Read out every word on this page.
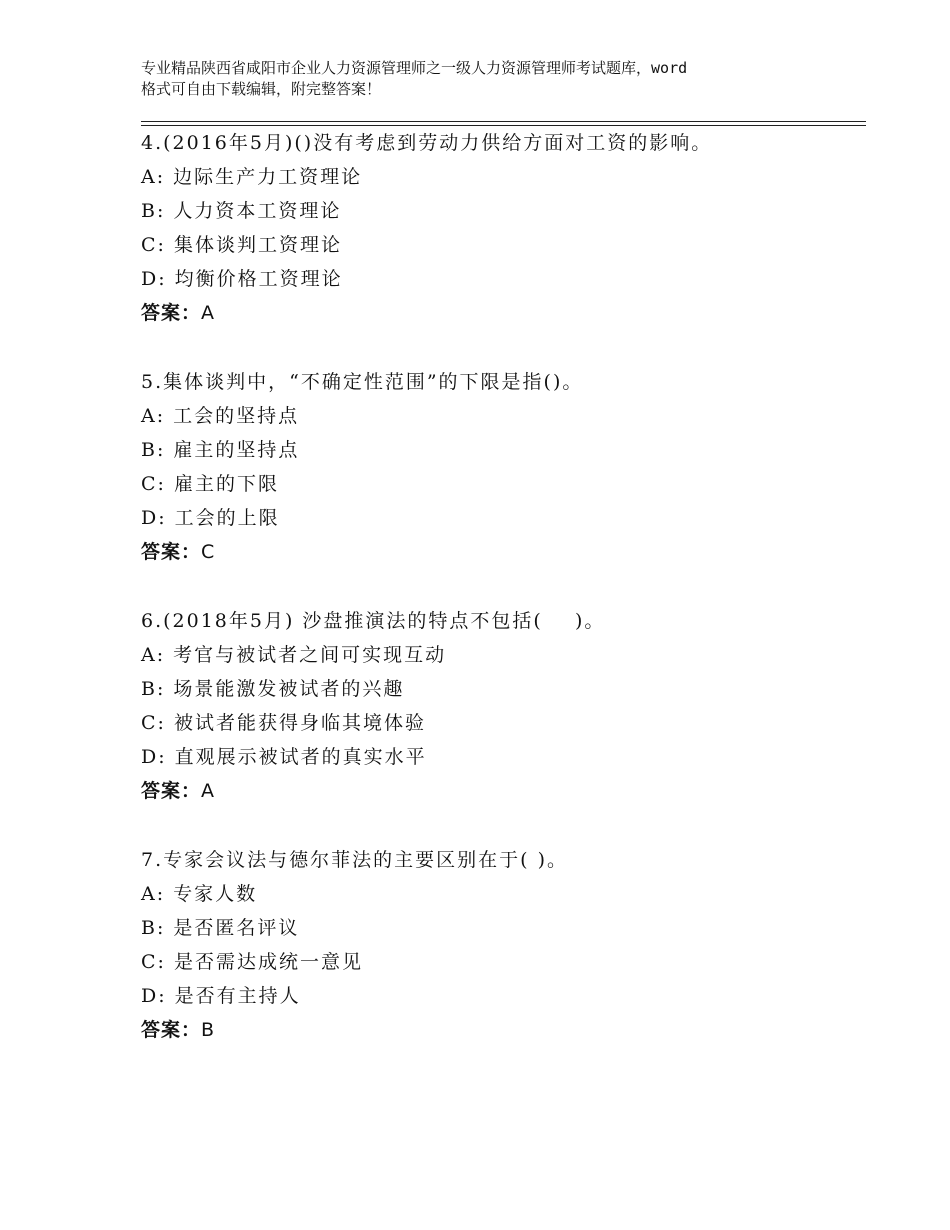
专业精品陕西省咸阳市企业人力资源管理师之一级人力资源管理师考试题库，word
格式可自由下载编辑，附完整答案！
4.(2016年5月)()没有考虑到劳动力供给方面对工资的影响。
A: 边际生产力工资理论
B: 人力资本工资理论
C: 集体谈判工资理论
D: 均衡价格工资理论
答案：A
5.集体谈判中，“不确定性范围”的下限是指()。
A: 工会的坚持点
B: 雇主的坚持点
C: 雇主的下限
D: 工会的上限
答案：C
6.(2018年5月) 沙盘推演法的特点不包括(    )。
A: 考官与被试者之间可实现互动
B: 场景能激发被试者的兴趣
C: 被试者能获得身临其境体验
D: 直观展示被试者的真实水平
答案：A
7.专家会议法与德尔菲法的主要区别在于( )。
A: 专家人数
B: 是否匿名评议
C: 是否需达成统一意见
D: 是否有主持人
答案：B
